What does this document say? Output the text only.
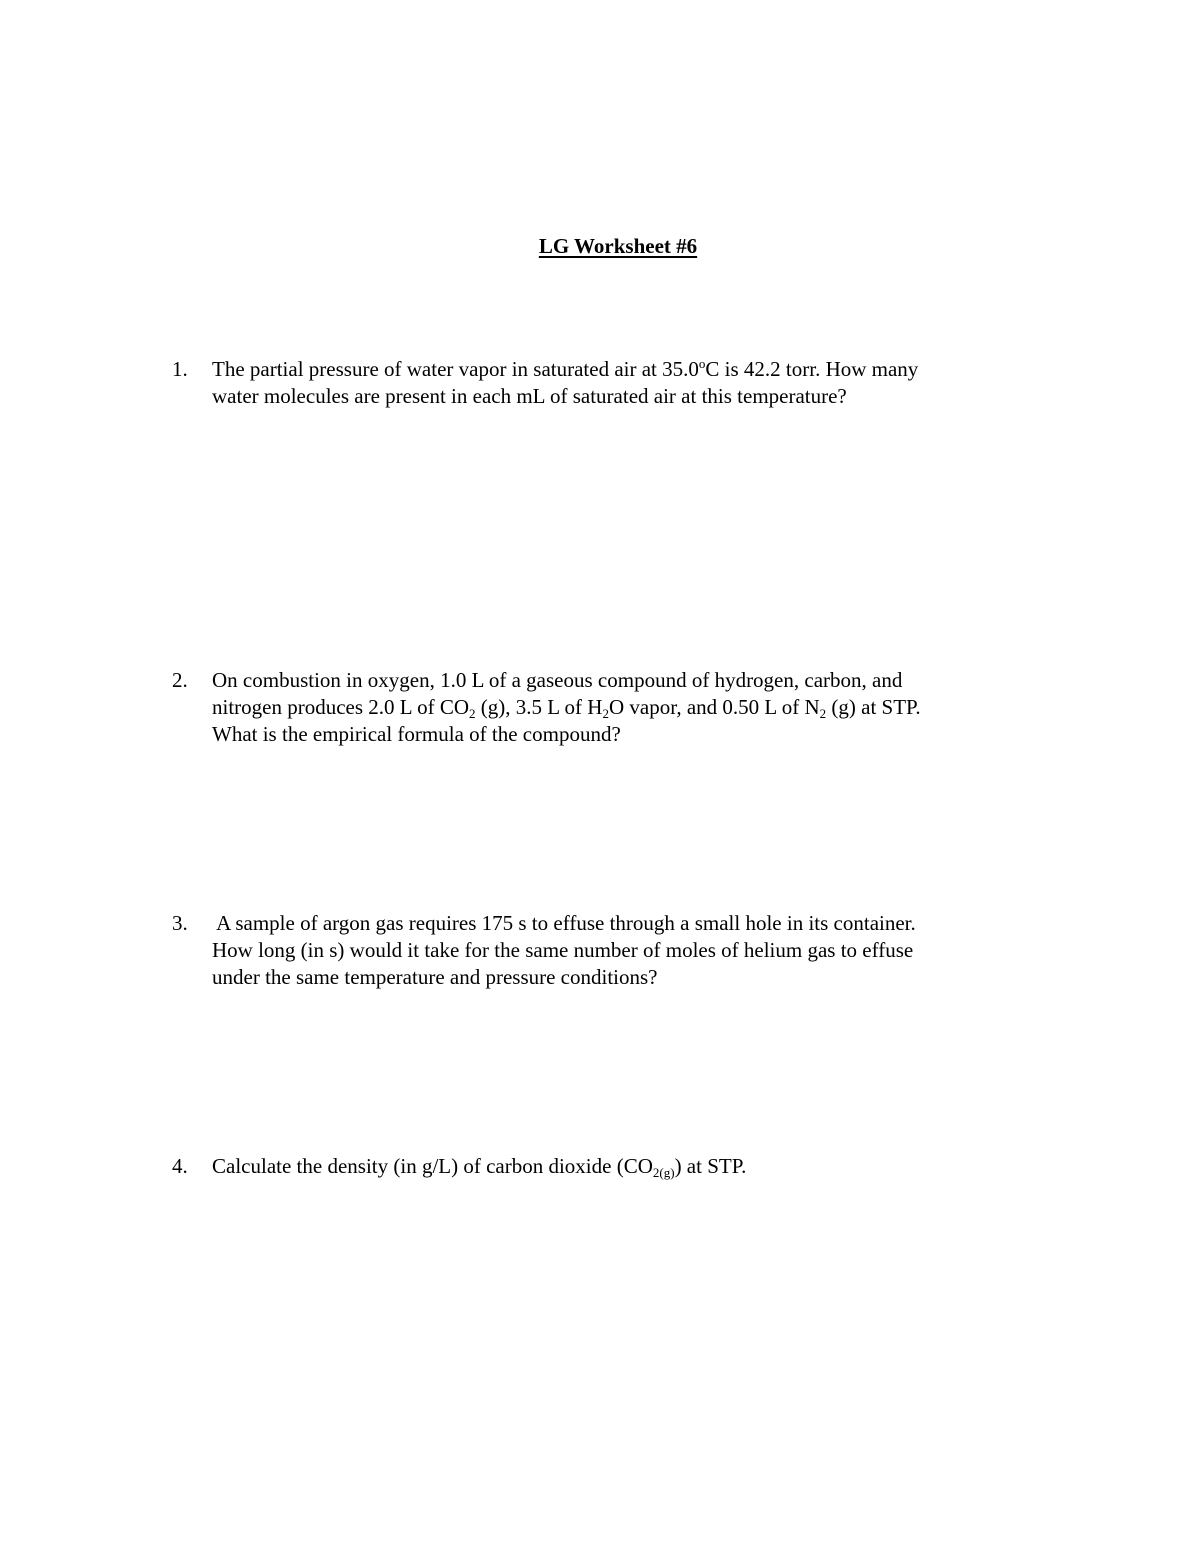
LG Worksheet #6
1. The partial pressure of water vapor in saturated air at 35.0$^o$C is 42.2 torr. How many
water molecules are present in each mL of saturated air at this temperature?
2. On combustion in oxygen, 1.0 L of a gaseous compound of hydrogen, carbon, and
nitrogen produces 2.0 L of $CO_2$ (g), 3.5 L of $H_2O$ vapor, and 0.50 L of $N_2$ (g) at STP.
What is the empirical formula of the compound?
3. A sample of argon gas requires 175 s to effuse through a small hole in its container.
How long (in s) would it take for the same number of moles of helium gas to effuse
under the same temperature and pressure conditions?
4. Calculate the density (in g/L) of carbon dioxide $(CO_{2(g)})$ at STP.
